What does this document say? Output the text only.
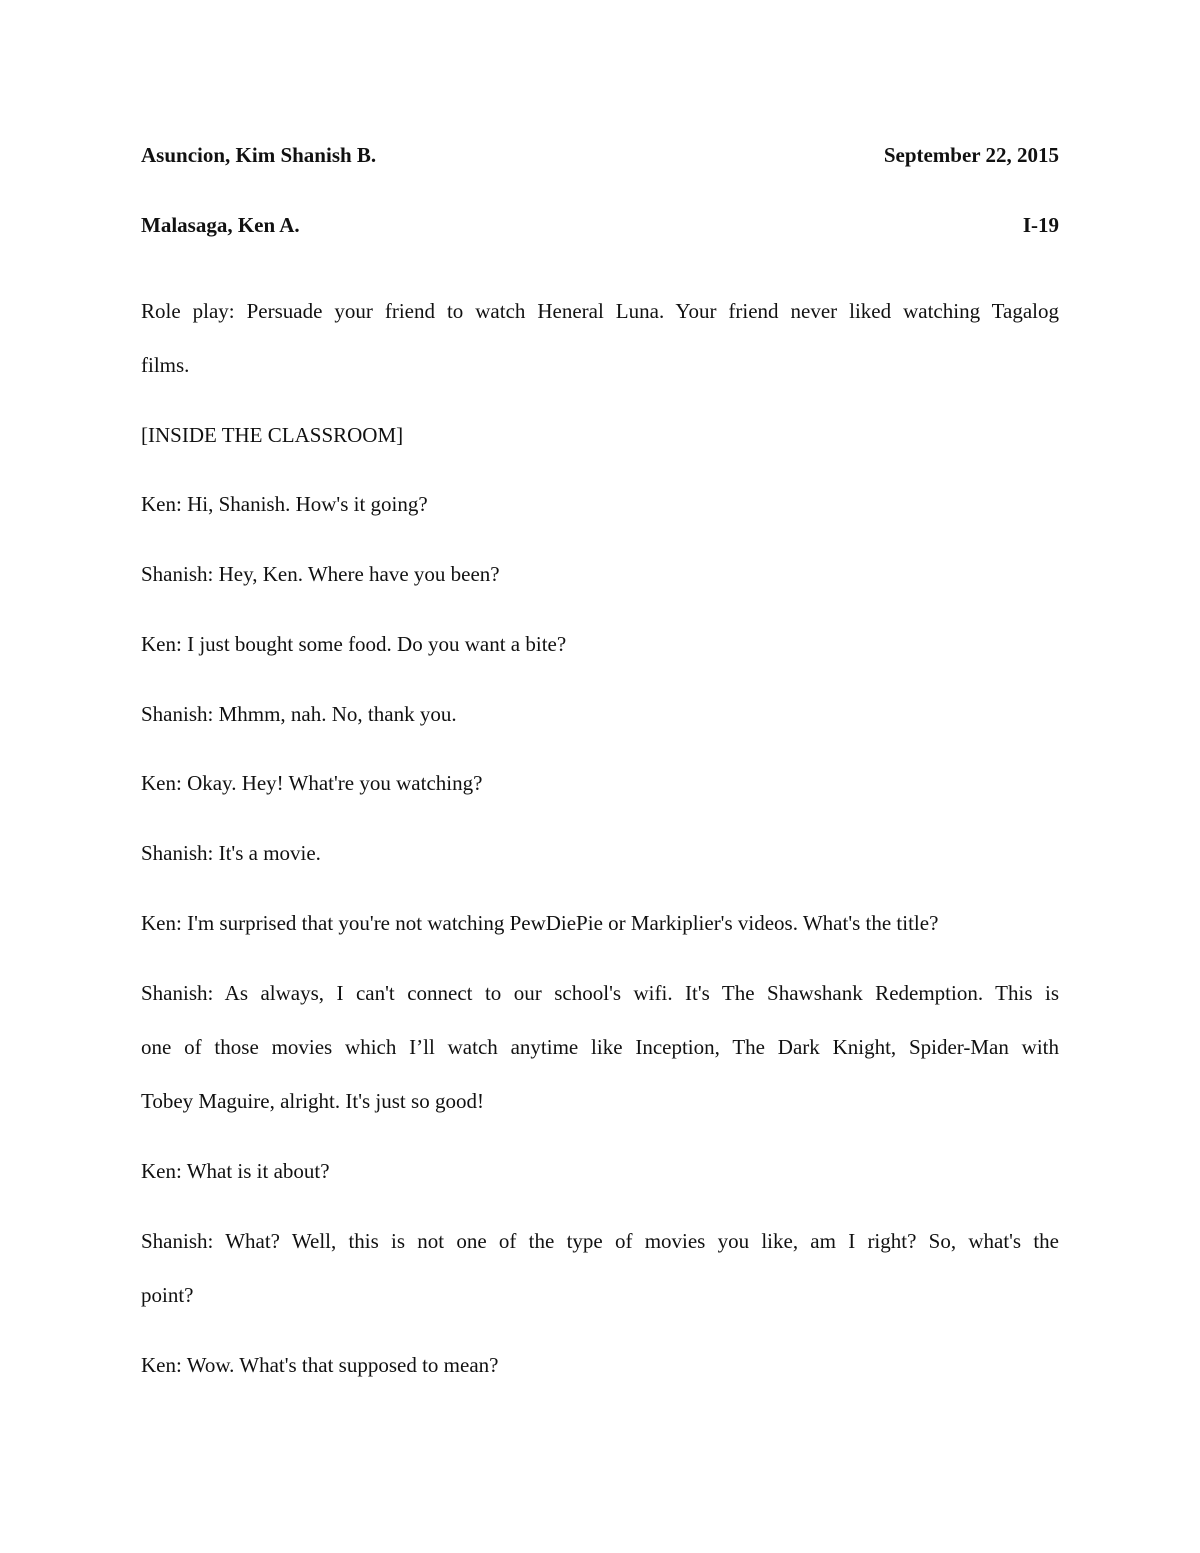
Asuncion, Kim Shanish B.	September 22, 2015
Malasaga, Ken A.	I-19
Role play: Persuade your friend to watch Heneral Luna. Your friend never liked watching Tagalog
films.
[INSIDE THE CLASSROOM]
Ken: Hi, Shanish. How's it going?
Shanish: Hey, Ken. Where have you been?
Ken: I just bought some food. Do you want a bite?
Shanish: Mhmm, nah. No, thank you.
Ken: Okay. Hey! What're you watching?
Shanish: It's a movie.
Ken: I'm surprised that you're not watching PewDiePie or Markiplier's videos. What's the title?
Shanish: As always, I can't connect to our school's wifi. It's The Shawshank Redemption. This is
one of those movies which I’ll watch anytime like Inception, The Dark Knight, Spider-Man with
Tobey Maguire, alright. It's just so good!
Ken: What is it about?
Shanish: What? Well, this is not one of the type of movies you like, am I right? So, what's the
point?
Ken: Wow. What's that supposed to mean?
